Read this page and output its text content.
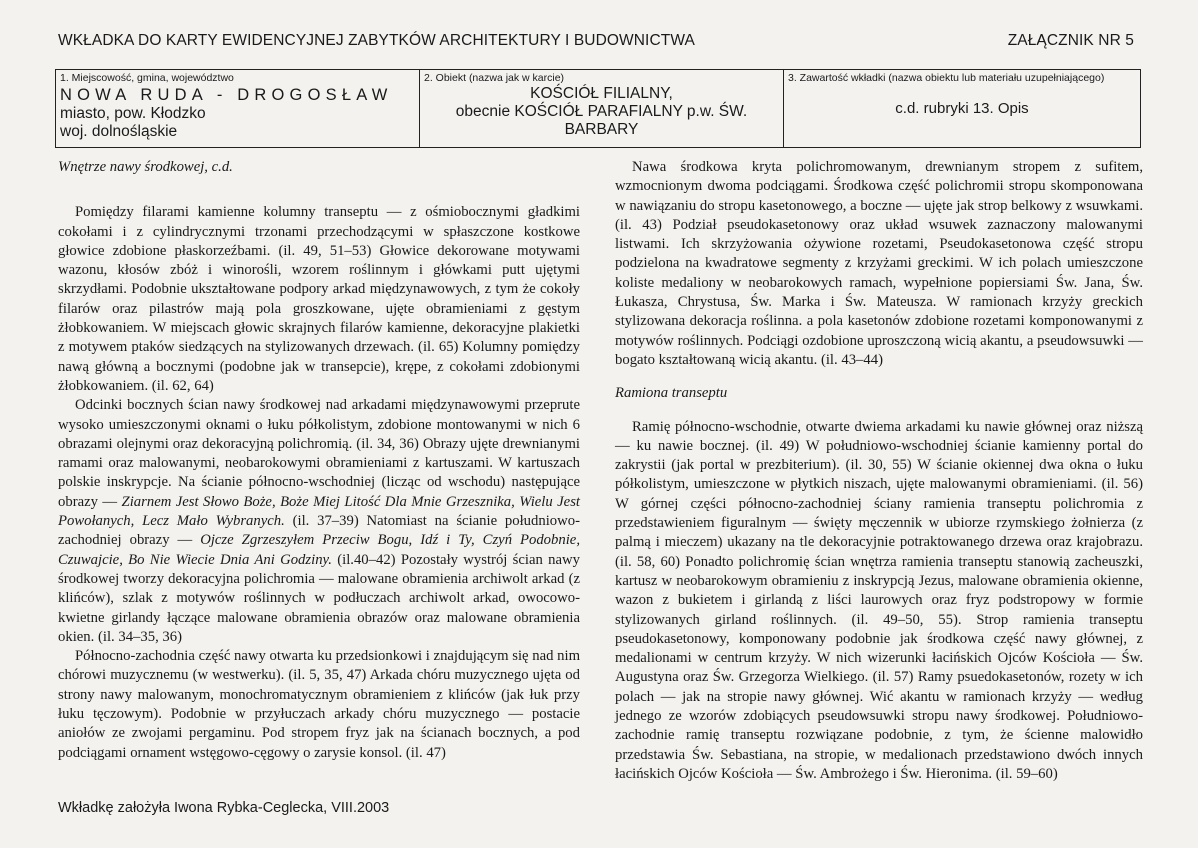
WKŁADKA DO KARTY EWIDENCYJNEJ ZABYTKÓW ARCHITEKTURY I BUDOWNICTWA	ZAŁĄCZNIK NR 5
1. Miejscowość, gmina, województwo
NOWA RUDA - DROGOSŁAW
miasto, pow. Kłodzko
woj. dolnośląskie
2. Obiekt (nazwa jak w karcie)
KOŚCIÓŁ FILIALNY,
obecnie KOŚCIÓŁ PARAFIALNY p.w. ŚW.
BARBARY
3. Zawartość wkładki (nazwa obiektu lub materiału uzupełniającego)
c.d. rubryki 13. Opis

Wnętrze nawy środkowej, c.d.

Pomiędzy filarami kamienne kolumny transeptu — z ośmiobocznymi gładkimi cokołami i z cylindrycznymi trzonami przechodzącymi w spłaszczone kostkowe głowice zdobione płaskorzeźbami. (il. 49, 51–53) Głowice dekorowane motywami wazonu, kłosów zbóż i winorośli, wzorem roślinnym i główkami putt ujętymi skrzydłami. Podobnie ukształtowane podpory arkad międzynawowych, z tym że cokoły filarów oraz pilastrów mają pola groszkowane, ujęte obramieniami z gęstym żłobkowaniem. W miejscach głowic skrajnych filarów kamienne, dekoracyjne plakietki z motywem ptaków siedzących na stylizowanych drzewach. (il. 65) Kolumny pomiędzy nawą główną a bocznymi (podobne jak w transepcie), krępe, z cokołami zdobionymi żłobkowaniem. (il. 62, 64)

Odcinki bocznych ścian nawy środkowej nad arkadami międzynawowymi przeprute wysoko umieszczonymi oknami o łuku półkolistym, zdobione montowanymi w nich 6 obrazami olejnymi oraz dekoracyjną polichromią. (il. 34, 36) Obrazy ujęte drewnianymi ramami oraz malowanymi, neobarokowymi obramieniami z kartuszami. W kartuszach polskie inskrypcje. Na ścianie północno-wschodniej (licząc od wschodu) następujące obrazy — Ziarnem Jest Słowo Boże, Boże Miej Litość Dla Mnie Grzesznika, Wielu Jest Powołanych, Lecz Mało Wybranych. (il. 37–39) Natomiast na ścianie południowo-zachodniej obrazy — Ojcze Zgrzeszyłem Przeciw Bogu, Idź i Ty, Czyń Podobnie, Czuwajcie, Bo Nie Wiecie Dnia Ani Godziny. (il.40–42) Pozostały wystrój ścian nawy środkowej tworzy dekoracyjna polichromia — malowane obramienia archiwolt arkad (z klińców), szlak z motywów roślinnych w podłuczach archiwolt arkad, owocowo-kwietne girlandy łączące malowane obramienia obrazów oraz malowane obramienia okien. (il. 34–35, 36)

Północno-zachodnia część nawy otwarta ku przedsionkowi i znajdującym się nad nim chórowi muzycznemu (w westwerku). (il. 5, 35, 47) Arkada chóru muzycznego ujęta od strony nawy malowanym, monochromatycznym obramieniem z klińców (jak łuk przy łuku tęczowym). Podobnie w przyłuczach arkady chóru muzycznego — postacie aniołów ze zwojami pergaminu. Pod stropem fryz jak na ścianach bocznych, a pod podciągami ornament wstęgowo-cęgowy o zarysie konsol. (il. 47)

Nawa środkowa kryta polichromowanym, drewnianym stropem z sufitem, wzmocnionym dwoma podciągami. Środkowa część polichromii stropu skomponowana w nawiązaniu do stropu kasetonowego, a boczne — ujęte jak strop belkowy z wsuwkami. (il. 43) Podział pseudokasetonowy oraz układ wsuwek zaznaczony malowanymi listwami. Ich skrzyżowania ożywione rozetami, Pseudokasetonowa część stropu podzielona na kwadratowe segmenty z krzyżami greckimi. W ich polach umieszczone koliste medaliony w neobarokowych ramach, wypełnione popiersiami Św. Jana, Św. Łukasza, Chrystusa, Św. Marka i Św. Mateusza. W ramionach krzyży greckich stylizowana dekoracja roślinna. a pola kasetonów zdobione rozetami komponowanymi z motywów roślinnych. Podciągi ozdobione uproszczoną wicią akantu, a pseudowsuwki — bogato kształtowaną wicią akantu. (il. 43–44)

Ramiona transeptu

Ramię północno-wschodnie, otwarte dwiema arkadami ku nawie głównej oraz niższą — ku nawie bocznej. (il. 49) W południowo-wschodniej ścianie kamienny portal do zakrystii (jak portal w prezbiterium). (il. 30, 55) W ścianie okiennej dwa okna o łuku półkolistym, umieszczone w płytkich niszach, ujęte malowanymi obramieniami. (il. 56) W górnej części północno-zachodniej ściany ramienia transeptu polichromia z przedstawieniem figuralnym — święty męczennik w ubiorze rzymskiego żołnierza (z palmą i mieczem) ukazany na tle dekoracyjnie potraktowanego drzewa oraz krajobrazu. (il. 58, 60) Ponadto polichromię ścian wnętrza ramienia transeptu stanowią zacheuszki, kartusz w neobarokowym obramieniu z inskrypcją Jezus, malowane obramienia okienne, wazon z bukietem i girlandą z liści laurowych oraz fryz podstropowy w formie stylizowanych girland roślinnych. (il. 49–50, 55). Strop ramienia transeptu pseudokasetonowy, komponowany podobnie jak środkowa część nawy głównej, z medalionami w centrum krzyży. W nich wizerunki łacińskich Ojców Kościoła — Św. Augustyna oraz Św. Grzegorza Wielkiego. (il. 57) Ramy psuedokasetonów, rozety w ich polach — jak na stropie nawy głównej. Wić akantu w ramionach krzyży — według jednego ze wzorów zdobiących pseudowsuwki stropu nawy środkowej. Południowo-zachodnie ramię transeptu rozwiązane podobnie, z tym, że ścienne malowidło przedstawia Św. Sebastiana, na stropie, w medalionach przedstawiono dwóch innych łacińskich Ojców Kościoła — Św. Ambrożego i Św. Hieronima. (il. 59–60)

Wkładkę założyła Iwona Rybka-Ceglecka, VIII.2003
